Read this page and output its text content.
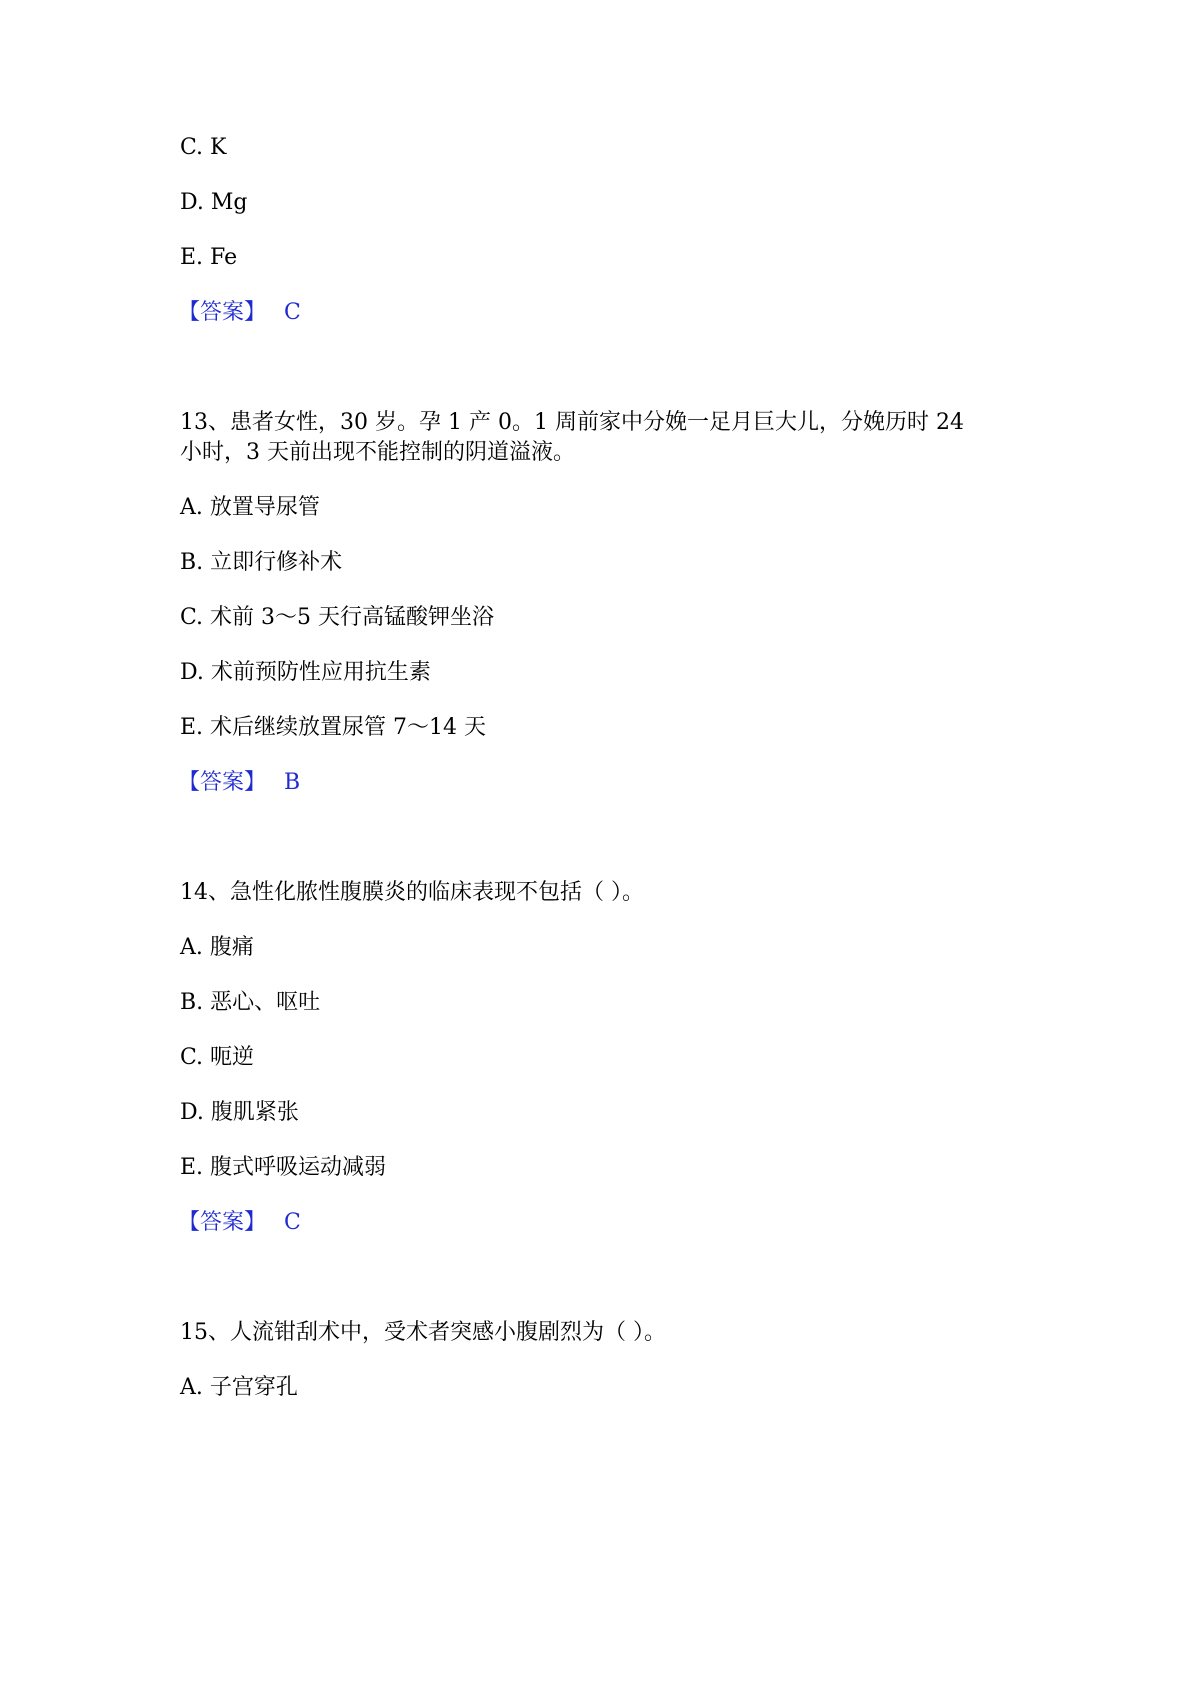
C. K

D. Mg

E. Fe

【答案】 C

13、患者女性，30 岁。孕 1 产 0。1 周前家中分娩一足月巨大儿，分娩历时 24

小时，3 天前出现不能控制的阴道溢液。

A. 放置导尿管

B. 立即行修补术

C. 术前 3～5 天行高锰酸钾坐浴

D. 术前预防性应用抗生素

E. 术后继续放置尿管 7～14 天

【答案】 B

14、急性化脓性腹膜炎的临床表现不包括（ ）。

A. 腹痛

B. 恶心、呕吐

C. 呃逆

D. 腹肌紧张

E. 腹式呼吸运动减弱

【答案】 C

15、人流钳刮术中，受术者突感小腹剧烈为（ ）。

A. 子宫穿孔
